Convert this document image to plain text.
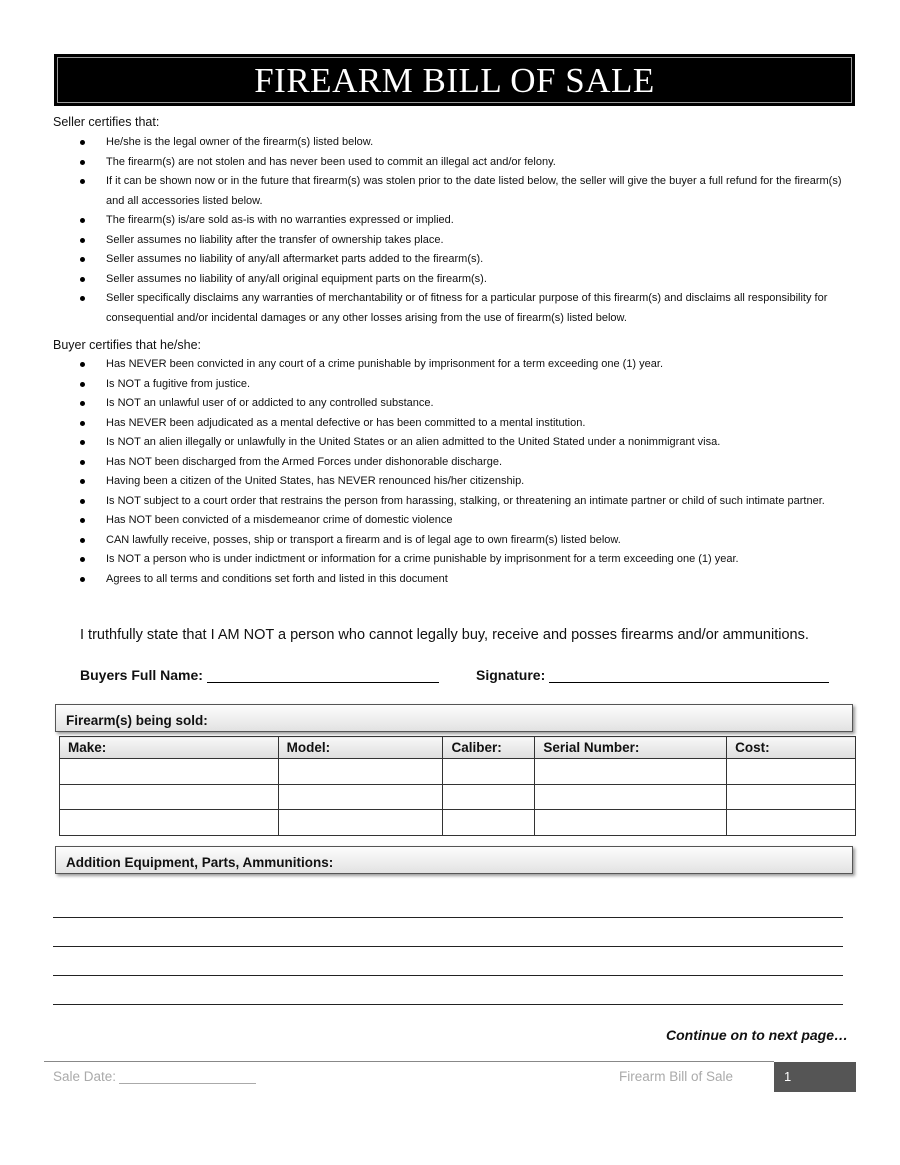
FIREARM BILL OF SALE
Seller certifies that:
He/she is the legal owner of the firearm(s) listed below.
The firearm(s) are not stolen and has never been used to commit an illegal act and/or felony.
If it can be shown now or in the future that firearm(s) was stolen prior to the date listed below, the seller will give the buyer a full refund for the firearm(s) and all accessories listed below.
The firearm(s) is/are sold as-is with no warranties expressed or implied.
Seller assumes no liability after the transfer of ownership takes place.
Seller assumes no liability of any/all aftermarket parts added to the firearm(s).
Seller assumes no liability of any/all original equipment parts on the firearm(s).
Seller specifically disclaims any warranties of merchantability or of fitness for a particular purpose of this firearm(s) and disclaims all responsibility for consequential and/or incidental damages or any other losses arising from the use of firearm(s) listed below.
Buyer certifies that he/she:
Has NEVER been convicted in any court of a crime punishable by imprisonment for a term exceeding one (1) year.
Is NOT a fugitive from justice.
Is NOT an unlawful user of or addicted to any controlled substance.
Has NEVER been adjudicated as a mental defective or has been committed to a mental institution.
Is NOT an alien illegally or unlawfully in the United States or an alien admitted to the United Stated under a nonimmigrant visa.
Has NOT been discharged from the Armed Forces under dishonorable discharge.
Having been a citizen of the United States, has NEVER renounced his/her citizenship.
Is NOT subject to a court order that restrains the person from harassing, stalking, or threatening an intimate partner or child of such intimate partner.
Has NOT been convicted of a misdemeanor crime of domestic violence
CAN lawfully receive, posses, ship or transport a firearm and is of legal age to own firearm(s) listed below.
Is NOT a person who is under indictment or information for a crime punishable by imprisonment for a term exceeding one (1) year.
Agrees to all terms and conditions set forth and listed in this document
I truthfully state that I AM NOT a person who cannot legally buy, receive and posses firearms and/or ammunitions.
Buyers Full Name:	Signature:
Firearm(s) being sold:
Make:	Model:	Caliber:	Serial Number:	Cost:

Addition Equipment, Parts, Ammunitions:
Continue on to next page…
Sale Date:	Firearm Bill of Sale	1
